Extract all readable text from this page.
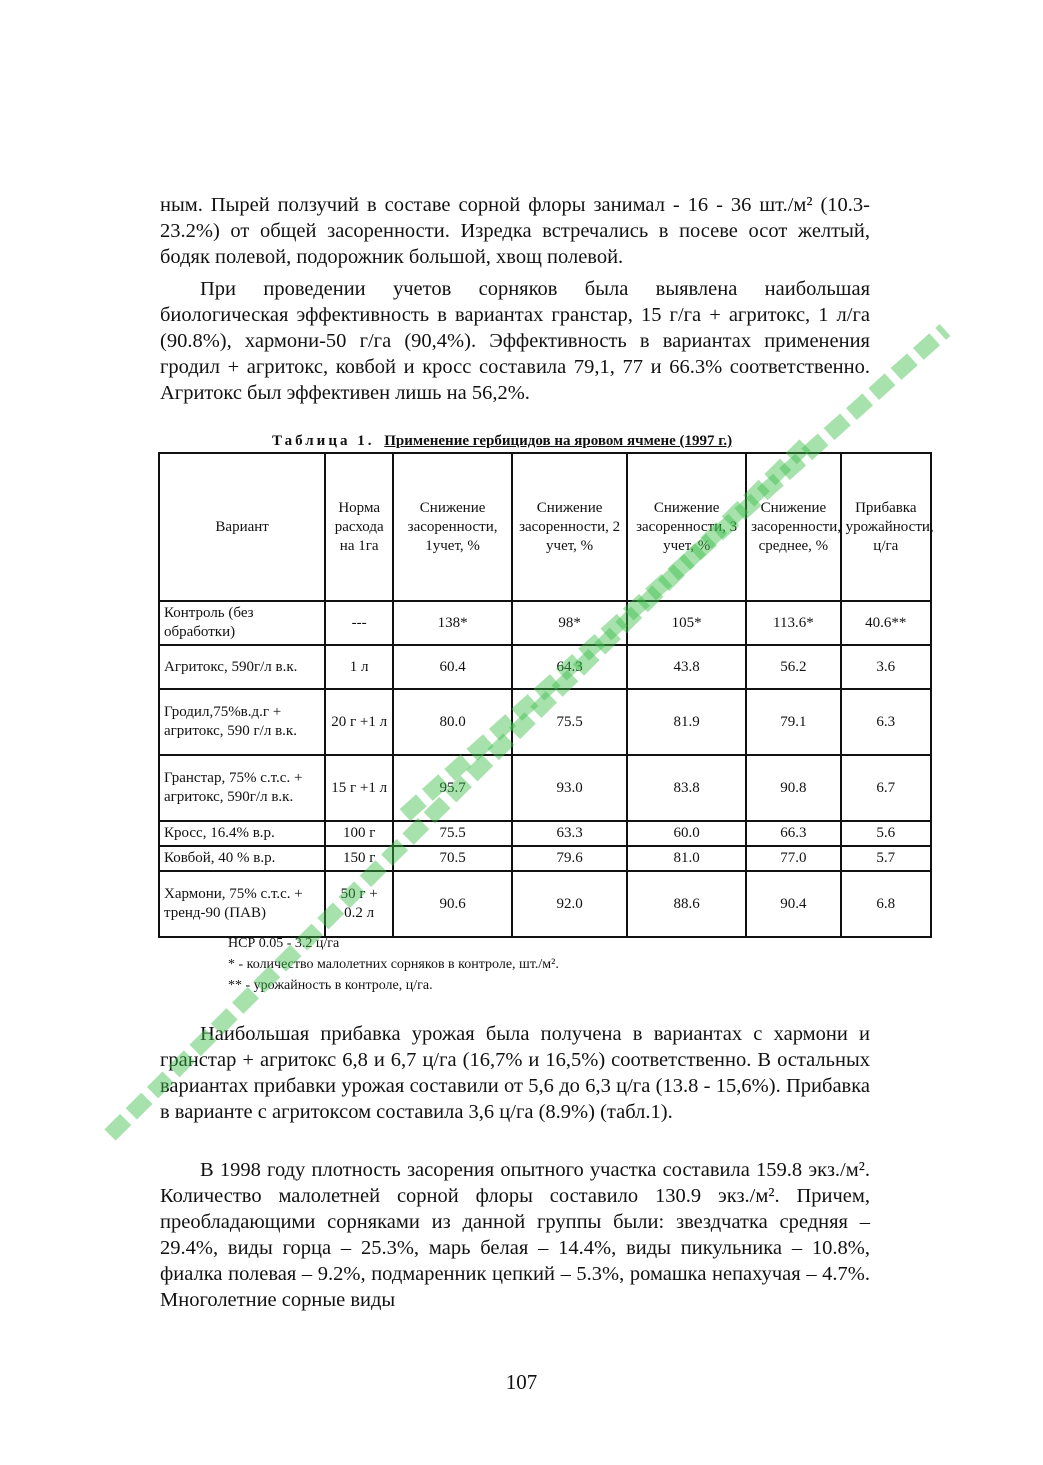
ным. Пырей ползучий в составе сорной флоры занимал - 16 - 36 шт./м² (10.3-23.2%) от общей засоренности. Изредка встречались в посеве осот желтый, бодяк полевой, подорожник большой, хвощ полевой.

При проведении учетов сорняков была выявлена наибольшая биологическая эффективность в вариантах гранстар, 15 г/га + агритокс, 1 л/га (90.8%), хармони-50 г/га (90,4%). Эффективность в вариантах применения гродил + агритокс, ковбой и кросс составила 79,1, 77 и 66.3% соответственно. Агритокс был эффективен лишь на 56,2%.

Таблица 1. Применение гербицидов на яровом ячмене (1997 г.)
Вариант	Норма расхода на 1га	Снижение засоренности, 1учет, %	Снижение засоренности, 2 учет, %	Снижение засоренности, 3 учет, %	Снижение засоренности, среднее, %	Прибавка урожайности, ц/га
Контроль (без обработки)	---	138*	98*	105*	113.6*	40.6**
Агритокс, 590г/л в.к.	1 л	60.4	64.3	43.8	56.2	3.6
Гродил,75%в.д.г + агритокс, 590 г/л в.к.	20 г +1 л	80.0	75.5	81.9	79.1	6.3
Гранстар, 75% с.т.с. + агритокс, 590г/л в.к.	15 г +1 л	95.7	93.0	83.8	90.8	6.7
Кросс, 16.4% в.р.	100 г	75.5	63.3	60.0	66.3	5.6
Ковбой, 40 % в.р.	150 г	70.5	79.6	81.0	77.0	5.7
Хармони, 75% с.т.с. + тренд-90 (ПАВ)	50 г + 0.2 л	90.6	92.0	88.6	90.4	6.8
НСР 0.05 - 3.2 ц/га
* - количество малолетних сорняков в контроле, шт./м².
** - урожайность в контроле, ц/га.

Наибольшая прибавка урожая была получена в вариантах с хармони и гранстар + агритокс 6,8 и 6,7 ц/га (16,7% и 16,5%) соответственно. В остальных вариантах прибавки урожая составили от 5,6 до 6,3 ц/га (13.8 - 15,6%). Прибавка в варианте с агритоксом составила 3,6 ц/га (8.9%) (табл.1).

В 1998 году плотность засорения опытного участка составила 159.8 экз./м². Количество малолетней сорной флоры составило 130.9 экз./м². Причем, преобладающими сорняками из данной группы были: звездчатка средняя – 29.4%, виды горца – 25.3%, марь белая – 14.4%, виды пикульника – 10.8%, фиалка полевая – 9.2%, подмаренник цепкий – 5.3%, ромашка непахучая – 4.7%. Многолетние сорные виды

107
